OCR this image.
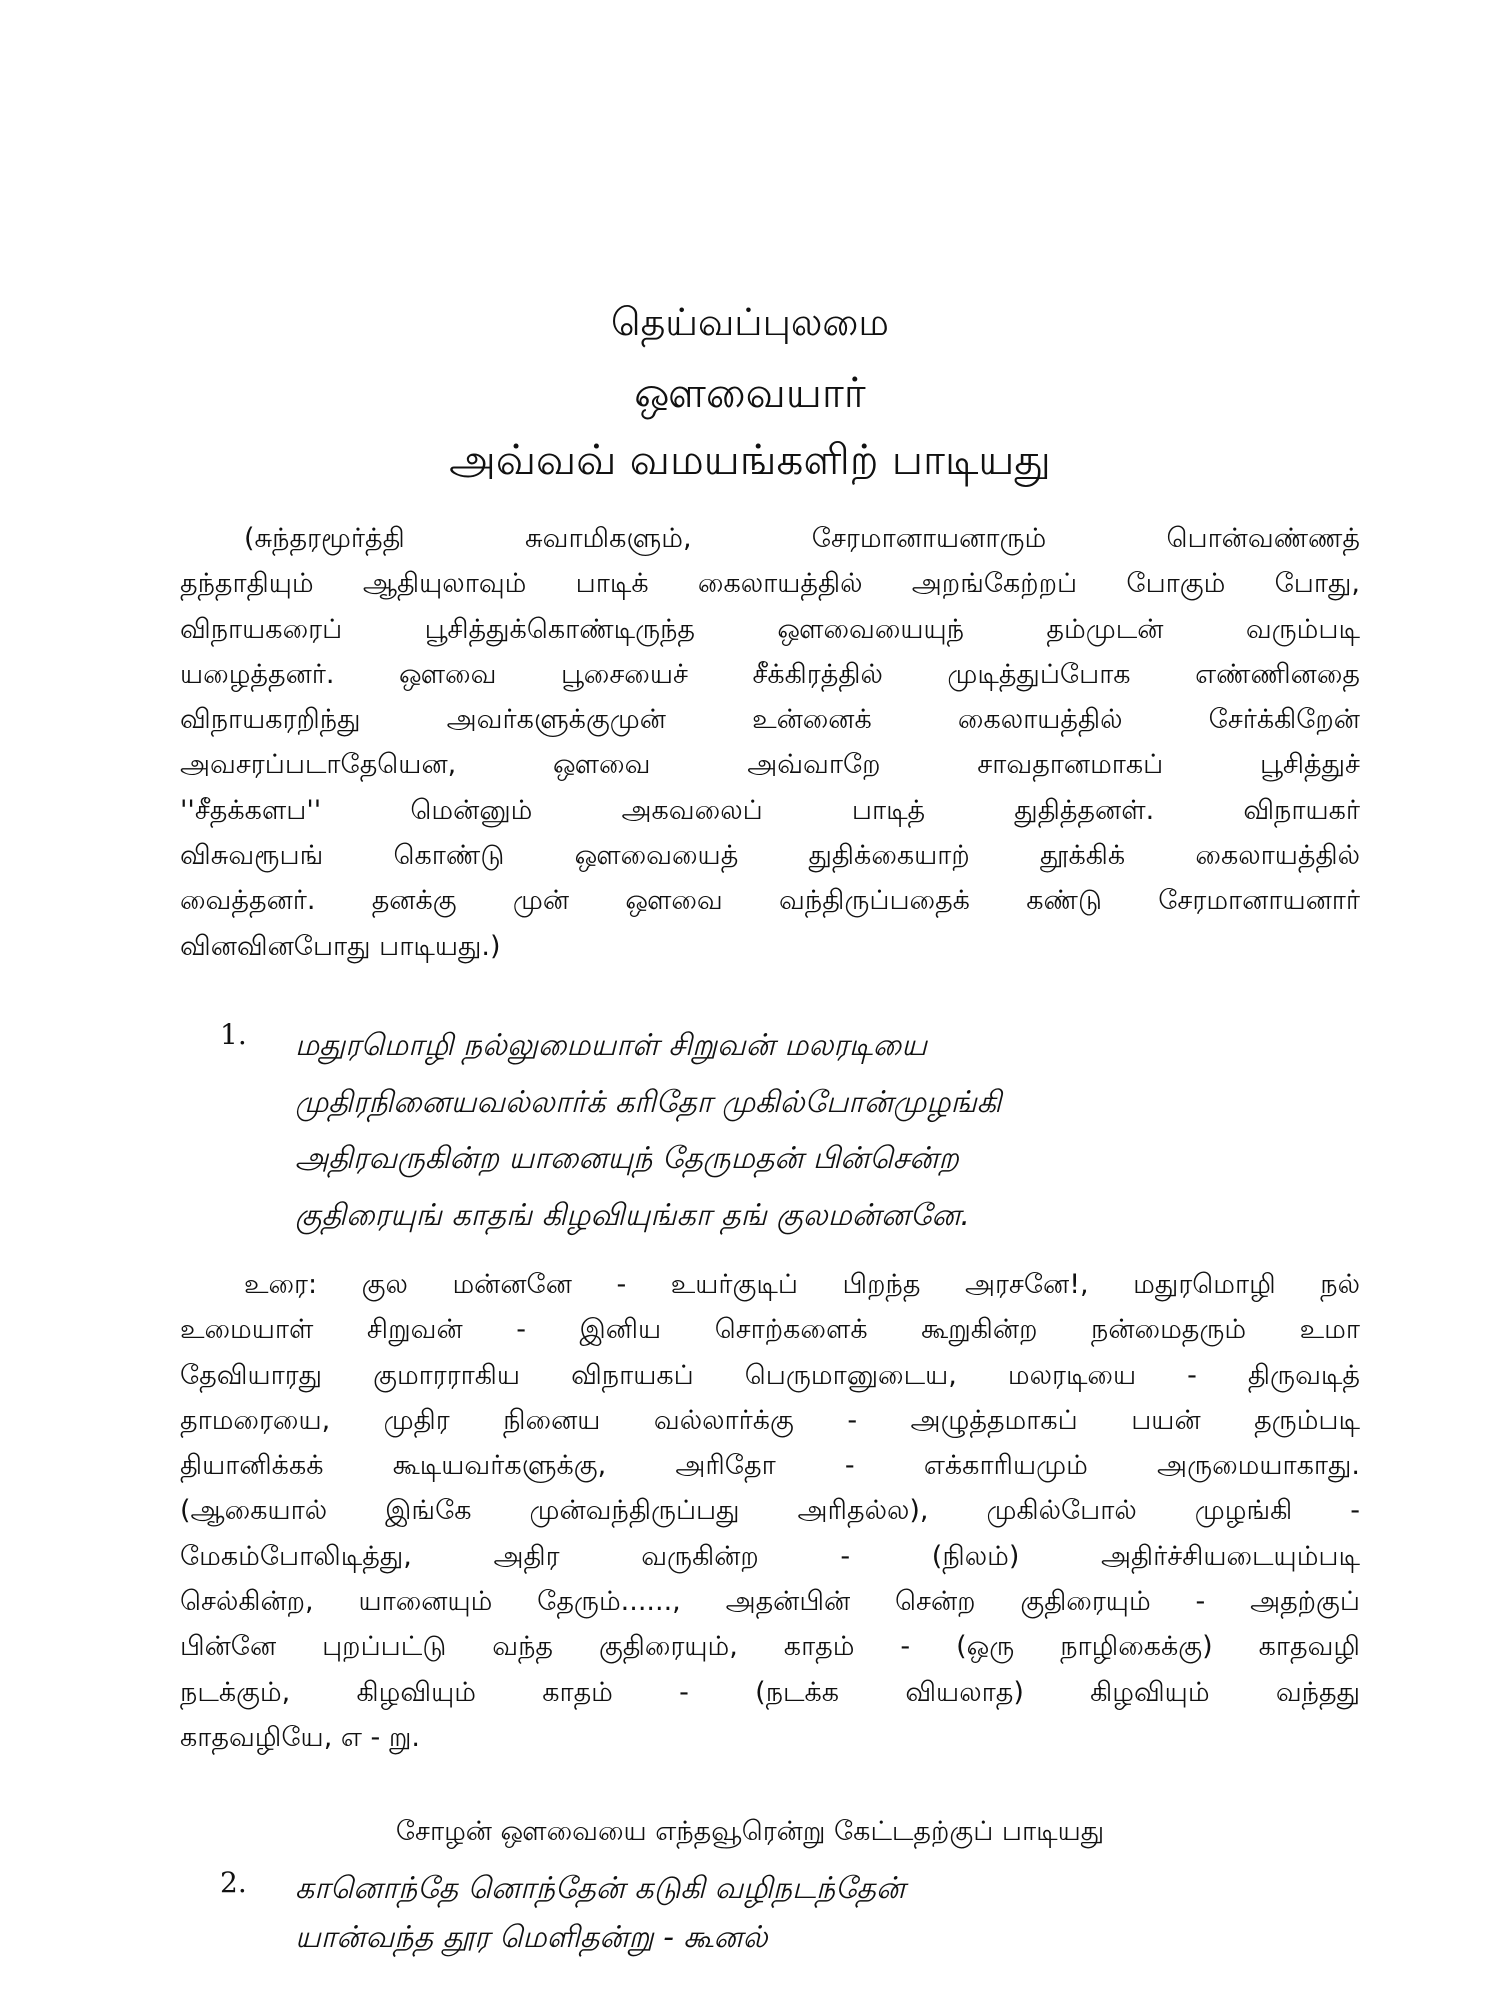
தெய்வப்புலமை
ஔவையார்
அவ்வவ் வமயங்களிற் பாடியது
(சுந்தரமூர்த்தி சுவாமிகளும், சேரமானாயனாரும் பொன்வண்ணத்
தந்தாதியும் ஆதியுலாவும் பாடிக் கைலாயத்தில் அறங்கேற்றப் போகும் போது,
விநாயகரைப் பூசித்துக்கொண்டிருந்த ஔவையையுந் தம்முடன் வரும்படி
யழைத்தனர். ஔவை பூசையைச் சீக்கிரத்தில் முடித்துப்போக எண்ணினதை
விநாயகரறிந்து அவர்களுக்குமுன் உன்னைக் கைலாயத்தில் சேர்க்கிறேன்
அவசரப்படாதேயென, ஔவை அவ்வாறே சாவதானமாகப் பூசித்துச்
''சீதக்களப'' மென்னும் அகவலைப் பாடித் துதித்தனள். விநாயகர்
விசுவரூபங் கொண்டு ஔவையைத் துதிக்கையாற் தூக்கிக் கைலாயத்தில்
வைத்தனர். தனக்கு முன் ஔவை வந்திருப்பதைக் கண்டு சேரமானாயனார்
வினவினபோது பாடியது.)
1. மதுரமொழி நல்லுமையாள் சிறுவன் மலரடியை
முதிரநினையவல்லார்க் கரிதோ முகில்போன்முழங்கி
அதிரவருகின்ற யானையுந் தேருமதன் பின்சென்ற
குதிரையுங் காதங் கிழவியுங்கா தங் குலமன்னனே.
உரை: குல மன்னனே - உயர்குடிப் பிறந்த அரசனே!, மதுரமொழி நல்
உமையாள் சிறுவன் - இனிய சொற்களைக் கூறுகின்ற நன்மைதரும் உமா
தேவியாரது குமாரராகிய விநாயகப் பெருமானுடைய, மலரடியை - திருவடித்
தாமரையை, முதிர நினைய வல்லார்க்கு - அழுத்தமாகப் பயன் தரும்படி
தியானிக்கக் கூடியவர்களுக்கு, அரிதோ - எக்காரியமும் அருமையாகாது.
(ஆகையால் இங்கே முன்வந்திருப்பது அரிதல்ல), முகில்போல் முழங்கி -
மேகம்போலிடித்து, அதிர வருகின்ற - (நிலம்) அதிர்ச்சியடையும்படி
செல்கின்ற, யானையும் தேரும்......, அதன்பின் சென்ற குதிரையும் - அதற்குப்
பின்னே புறப்பட்டு வந்த குதிரையும், காதம் - (ஒரு நாழிகைக்கு) காதவழி
நடக்கும், கிழவியும் காதம் - (நடக்க வியலாத) கிழவியும் வந்தது
காதவழியே, எ - று.
சோழன் ஔவையை எந்தவூரென்று கேட்டதற்குப் பாடியது
2. கானொந்தே னொந்தேன் கடுகி வழிநடந்தேன்
யான்வந்த தூர மெளிதன்று - கூனல்
